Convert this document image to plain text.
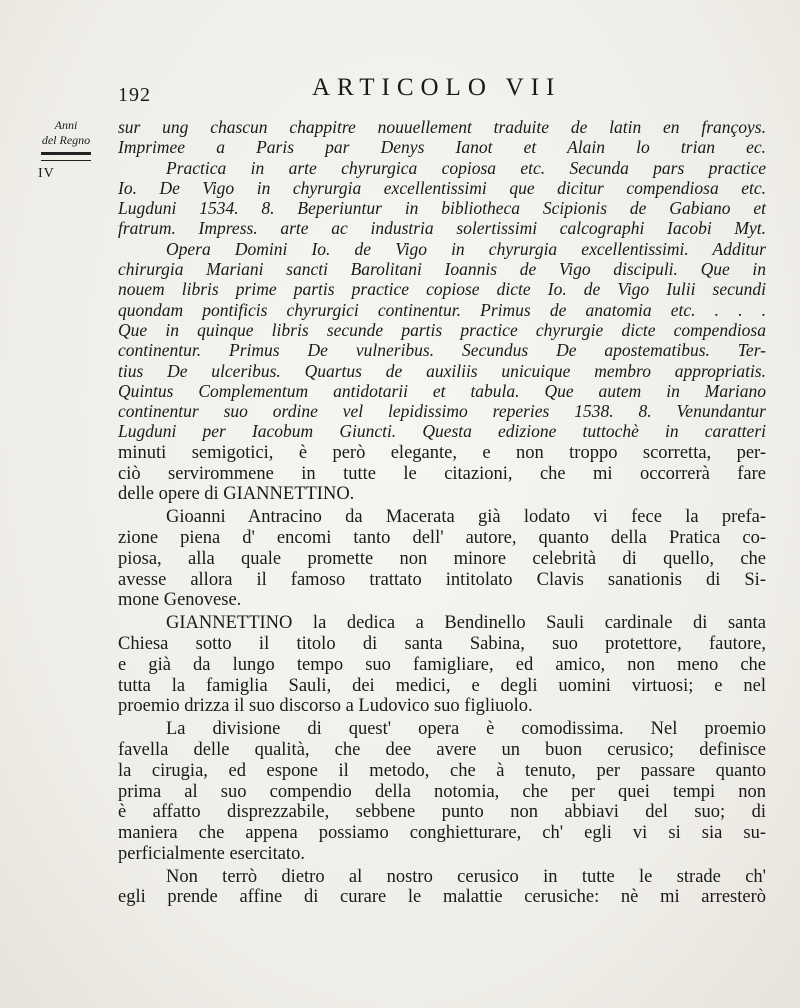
192	ARTICOLO VII
Anni
del Regno
IV
sur ung chascun chappitre nouuellement traduite de latin en françoys.
Imprimee a Paris par Denys Ianot et Alain lo trian ec.
Practica in arte chyrurgica copiosa etc. Secunda pars practice
Io. De Vigo in chyrurgia excellentissimi que dicitur compendiosa etc.
Lugduni 1534. 8. Beperiuntur in bibliotheca Scipionis de Gabiano et
fratrum. Impress. arte ac industria solertissimi calcographi Iacobi Myt.
Opera Domini Io. de Vigo in chyrurgia excellentissimi. Additur
chirurgia Mariani sancti Barolitani Ioannis de Vigo discipuli. Que in
nouem libris prime partis practice copiose dicte Io. de Vigo Iulii secundi
quondam pontificis chyrurgici continentur. Primus de anatomia etc. . . .
Que in quinque libris secunde partis practice chyrurgie dicte compendiosa
continentur. Primus De vulneribus. Secundus De apostematibus. Ter-
tius De ulceribus. Quartus de auxiliis unicuique membro appropriatis.
Quintus Complementum antidotarii et tabula. Que autem in Mariano
continentur suo ordine vel lepidissimo reperies 1538. 8. Venundantur
Lugduni per Iacobum Giuncti. Questa edizione tuttochè in caratteri
minuti semigotici, è però elegante, e non troppo scorretta, per-
ciò servirommene in tutte le citazioni, che mi occorrerà fare
delle opere di GIANNETTINO.
Gioanni Antracino da Macerata già lodato vi fece la prefa-
zione piena d' encomi tanto dell' autore, quanto della Pratica co-
piosa, alla quale promette non minore celebrità di quello, che
avesse allora il famoso trattato intitolato Clavis sanationis di Si-
mone Genovese.
GIANNETTINO la dedica a Bendinello Sauli cardinale di santa
Chiesa sotto il titolo di santa Sabina, suo protettore, fautore,
e già da lungo tempo suo famigliare, ed amico, non meno che
tutta la famiglia Sauli, dei medici, e degli uomini virtuosi; e nel
proemio drizza il suo discorso a Ludovico suo figliuolo.
La divisione di quest' opera è comodissima. Nel proemio
favella delle qualità, che dee avere un buon cerusico; definisce
la cirugia, ed espone il metodo, che à tenuto, per passare quanto
prima al suo compendio della notomia, che per quei tempi non
è affatto disprezzabile, sebbene punto non abbiavi del suo; di
maniera che appena possiamo conghietturare, ch' egli vi si sia su-
perficialmente esercitato.
Non terrò dietro al nostro cerusico in tutte le strade ch'
egli prende affine di curare le malattie cerusiche: nè mi arresterò
